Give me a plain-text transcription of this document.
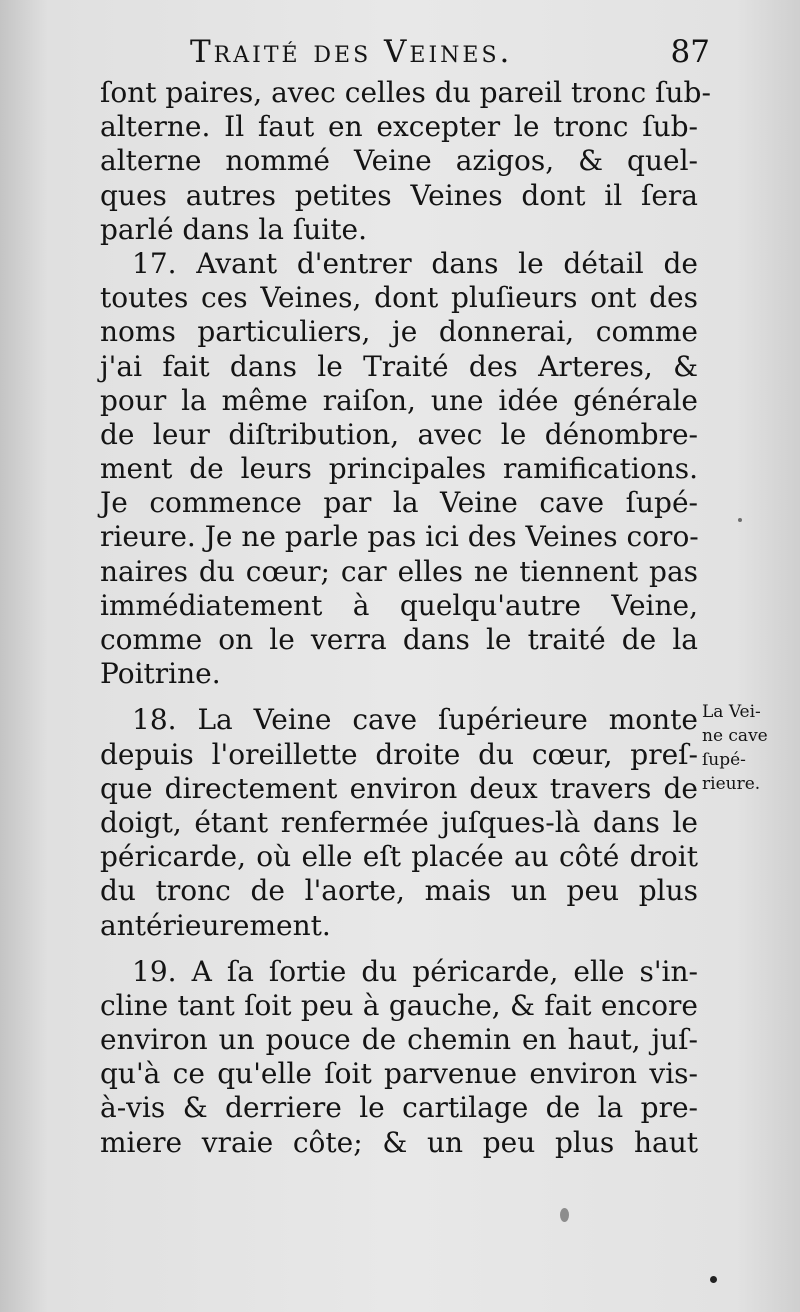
Traité des Veines.	87
ſont paires, avec celles du pareil tronc ſub-
alterne. Il faut en excepter le tronc ſub-
alterne nommé Veine azigos, & quel-
ques autres petites Veines dont il ſera
parlé dans la ſuite.
17. Avant d'entrer dans le détail de
toutes ces Veines, dont pluſieurs ont des
noms particuliers, je donnerai, comme
j'ai fait dans le Traité des Arteres, &
pour la même raiſon, une idée générale
de leur diſtribution, avec le dénombre-
ment de leurs principales ramifications.
Je commence par la Veine cave ſupé-
rieure. Je ne parle pas ici des Veines coro-
naires du cœur; car elles ne tiennent pas
immédiatement à quelqu'autre Veine,
comme on le verra dans le traité de la
Poitrine.
18. La Veine cave ſupérieure monte
depuis l'oreillette droite du cœur, preſ-
que directement environ deux travers de
doigt, étant renfermée juſques-là dans le
péricarde, où elle eſt placée au côté droit
du tronc de l'aorte, mais un peu plus
antérieurement.
19. A ſa ſortie du péricarde, elle s'in-
cline tant ſoit peu à gauche, & fait encore
environ un pouce de chemin en haut, juſ-
qu'à ce qu'elle ſoit parvenue environ vis-
à-vis & derriere le cartilage de la pre-
miere vraie côte; & un peu plus haut
La Vei-
ne cave
ſupé-
rieure.
